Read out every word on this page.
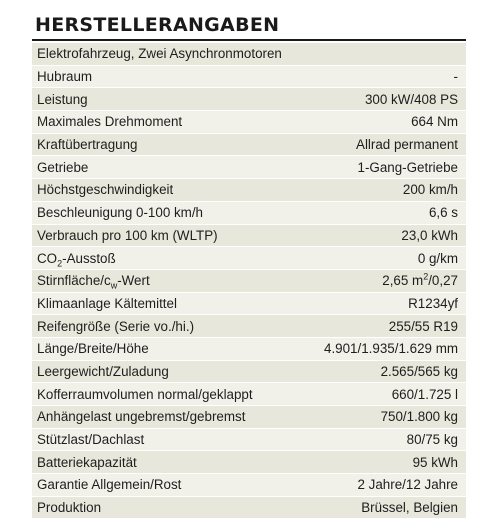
HERSTELLERANGABEN
Elektrofahrzeug, Zwei Asynchronmotoren
Hubraum	-
Leistung	300 kW/408 PS
Maximales Drehmoment	664 Nm
Kraftübertragung	Allrad permanent
Getriebe	1-Gang-Getriebe
Höchstgeschwindigkeit	200 km/h
Beschleunigung 0-100 km/h	6,6 s
Verbrauch pro 100 km (WLTP)	23,0 kWh
$CO_2$-Ausstoß	0 g/km
Stirnfläche/$c_w$-Wert	2,65 $m^2/0,27$
Klimaanlage Kältemittel	R1234yf
Reifengröße (Serie vo./hi.)	255/55 R19
Länge/Breite/Höhe	4.901/1.935/1.629 mm
Leergewicht/Zuladung	2.565/565 kg
Kofferraumvolumen normal/geklappt	660/1.725 l
Anhängelast ungebremst/gebremst	750/1.800 kg
Stützlast/Dachlast	80/75 kg
Batteriekapazität	95 kWh
Garantie Allgemein/Rost	2 Jahre/12 Jahre
Produktion	Brüssel, Belgien
